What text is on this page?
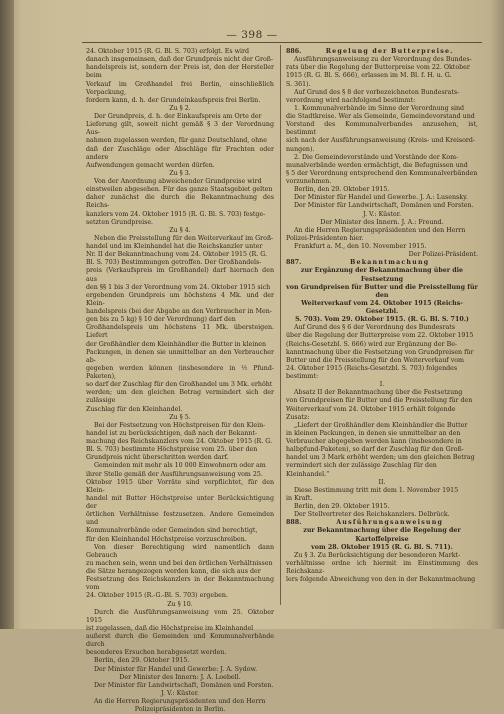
— 398 —

24. Oktober 1915 (R. G. Bl. S. 703) erfolgt. Es wird

danach insgemeinsen, daß der Grundpreis nicht der Groß-

handelspreis ist, sondern der Preis ist, den der Hersteller beim

Verkauf im Großhandel frei Berlin, einschließlich Verpackung,

fordern kann, d. h. der Grundeinkaufspreis frei Berlin.

Zu § 2.

Der Grundpreis, d. h. der Einkaufspreis am Orte der

Lieferung gilt, soweit nicht gemäß § 3 der Verordnung Aus-

nahmen zugelassen werden, für ganz Deutschland, ohne

daß der Zuschläge oder Abschläge für Frachten oder andere

Aufwendungen gemacht werden dürfen.

Zu § 3.

Von der Anordnung abweichender Grundpreise wird

einstweilen abgesehen. Für das ganze Staatsgebiet gelten

daher zunächst die durch die Bekanntmachung des Reichs-

kanzlers vom 24. Oktober 1915 (R. G. Bl. S. 703) festge-

setzten Grundpreise.

Zu § 4.

Neben die Preisstellung für den Weiterverkauf im Groß-

handel und im Kleinhandel hat die Reichskanzler unter

Nr. II der Bekanntmachung vom 24. Oktober 1915 (R. G.

Bl. S. 703) Bestimmungen getroffen. Der Großhandels-

preis (Verkaufspreis im Großhandel) darf hiernach den aus

den §§ 1 bis 3 der Verordnung vom 24. Oktober 1915 sich

ergebenden Grundpreis um höchstens 4 Mk. und der Klein-

handelspreis (bei der Abgabe an den Verbraucher in Men-

gen bis zu 5 kg) § 10 der Verordnung) darf den

Großhandelspreis um höchstens 11 Mk. übersteigen. Liefert

der Großhändler dem Kleinhändler die Butter in kleinen

Packungen, in denen sie unmittelbar an den Verbraucher ab-

gegeben werden können (insbesondere in ½ Pfund-Paketen),

so darf der Zuschlag für den Großhandel um 3 Mk. erhöht

werden; um den gleichen Betrag vermindert sich der zulässige

Zuschlag für den Kleinhandel.

Zu § 5.

Bei der Festsetzung von Höchstpreisen für den Klein-

handel ist zu berücksichtigen, daß nach der Bekannt-

machung des Reichskanzlers vom 24. Oktober 1915 (R. G.

Bl. S. 703) bestimmte Höchstpreise vom 25. über den

Grundpreis nicht überschritten werden darf.

Gemeinden mit mehr als 10 000 Einwohnern oder am

ihrer Stelle gemäß der Ausführungsanweisung vom 25.

Oktober 1915 über Vorräte sind verpflichtet, für den Klein-

handel mit Butter Höchstpreise unter Berücksichtigung der

örtlichen Verhältnisse festzusetzen. Andere Gemeinden und

Kommunalverbände oder Gemeinden sind berechtigt,

für den Kleinhandel Höchstpreise vorzuschreiben.

Von dieser Berechtigung wird namentlich dann Gebrauch

zu machen sein, wenn und bei den örtlichen Verhältnissen

die Sätze herangezogen werden kann, die sich aus der

Festsetzung des Reichskanzlers in der Bekanntmachung vom

24. Oktober 1915 (R.-G.-Bl. S. 703) ergeben.

Zu § 10.

Durch die Ausführungsanweisung vom 25. Oktober 1915

ist zugelassen, daß die Höchstpreise im Kleinhandel

außerst durch die Gemeinden und Kommunalverbände durch

besonderes Ersuchen herabgesetzt werden.

Berlin, den 29. Oktober 1915.

Der Minister für Handel und Gewerbe: J. A. Sydow.

Der Minister des Innern: J. A. Loebell.

Der Minister für Landwirtschaft, Domänen und Forsten.

J. V.: Küster.

An die Herren Regierungspräsidenten und den Herrn

Polizeipräsidenten in Berlin.

886.	Regelung der Butterpreise.

Ausführungsanweisung zu der Verordnung des Bundes-

rats über die Regelung der Butterpreise vom 22. Oktober

1915 (R. G. Bl. S. 666), erlassen im M. Bl. f. H. u. G.

S. 361).

Auf Grund des § 8 der vorbezeichneten Bundesrats-

verordnung wird nachfolgend bestimmt:

1. Kommunalverbände im Sinne der Verordnung sind

die Stadtkreise. Wer als Gemeinde, Gemeindevorstand und

Vorstand des Kommunalverbandes anzusehen, ist, bestimmt

sich nach der Ausführungsanweisung (Kreis- und Kreisord-

nungen).

2. Die Gemeindevorstände und Vorstände der Kom-

munalverbände werden ermächtigt, die Befugnissen und

§ 5 der Verordnung entsprechend den Kommunalverbänden

vorzunehmen.

Berlin, den 29. Oktober 1915.

Der Minister für Handel und Gewerbe. J. A.: Lusensky.

Der Minister für Landwirtschaft, Domänen und Forsten.

J. V.: Küster.

Der Minister des Innern. J. A.: Freund.

An die Herren Regierungspräsidenten und den Herrn

Polizei-Präsidenten hier.

Frankfurt a. M., den 10. November 1915.

Der Polizei-Präsident.

887.	Bekanntmachung

zur Ergänzung der Bekanntmachung über die Festsetzung

von Grundpreisen für Butter und die Preisstellung für den

Weiterverkauf vom 24. Oktober 1915 (Reichs-Gesetzbl.

S. 703). Vom 29. Oktober 1915. (R. G. Bl. S. 710.)

Auf Grund des § 6 der Verordnung des Bundesrats

über die Regelung der Butterpreise vom 22. Oktober 1915

(Reichs-Gesetzbl. S. 666) wird zur Ergänzung der Be-

kanntmachung über die Festsetzung von Grundpreisen für

Butter und die Preisstellung für den Weiterverkauf vom

24. Oktober 1915 (Reichs-Gesetzbl. S. 703) folgendes

bestimmt:

I.

Absatz II der Bekanntmachung über die Festsetzung

von Grundpreisen für Butter und die Preisstellung für den

Weiterverkauf vom 24. Oktober 1915 erhält folgende

Zusatz:

„Liefert der Großhändler dem Kleinhändler die Butter

in kleinen Packungen, in denen sie unmittelbar an den

Verbraucher abgegeben werden kann (insbesondere in

halbpfund-Paketen), so darf der Zuschlag für den Groß-

handel um 3 Mark erhöht werden; um den gleichen Betrag

vermindert sich der zulässige Zuschlag für den

Kleinhandel.“

II.

Diese Bestimmung tritt mit dem 1. November 1915

in Kraft.

Berlin, den 29. Oktober 1915.

Der Stellvertreter des Reichskanzlers. Delbrück.

888.	Ausführungsanweisung

zur Bekanntmachung über die Regelung der Kartoffelpreise

vom 28. Oktober 1915 (R. G. Bl. S. 711).

Zu § 3. Zu Berücksichtigung der besonderen Markt-

verhältnisse ordne ich hiermit im Einstimmung des Reichskanz-

lers folgende Abweichung von den in der Bekanntmachung
